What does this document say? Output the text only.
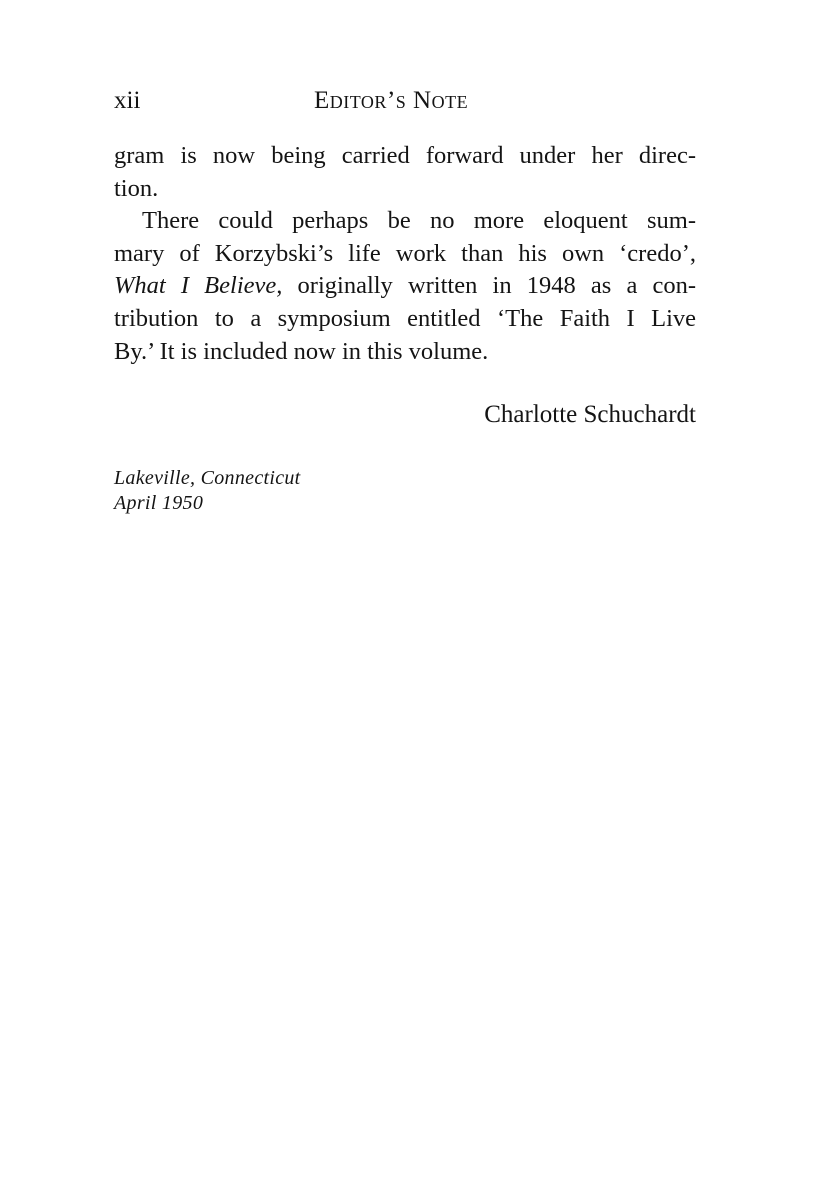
xii	Editor’s Note
gram is now being carried forward under her direc-
tion.
There could perhaps be no more eloquent sum-
mary of Korzybski’s life work than his own ‘credo’,
What I Believe, originally written in 1948 as a con-
tribution to a symposium entitled ‘The Faith I Live
By.’ It is included now in this volume.
Charlotte Schuchardt
Lakeville, Connecticut
April 1950
